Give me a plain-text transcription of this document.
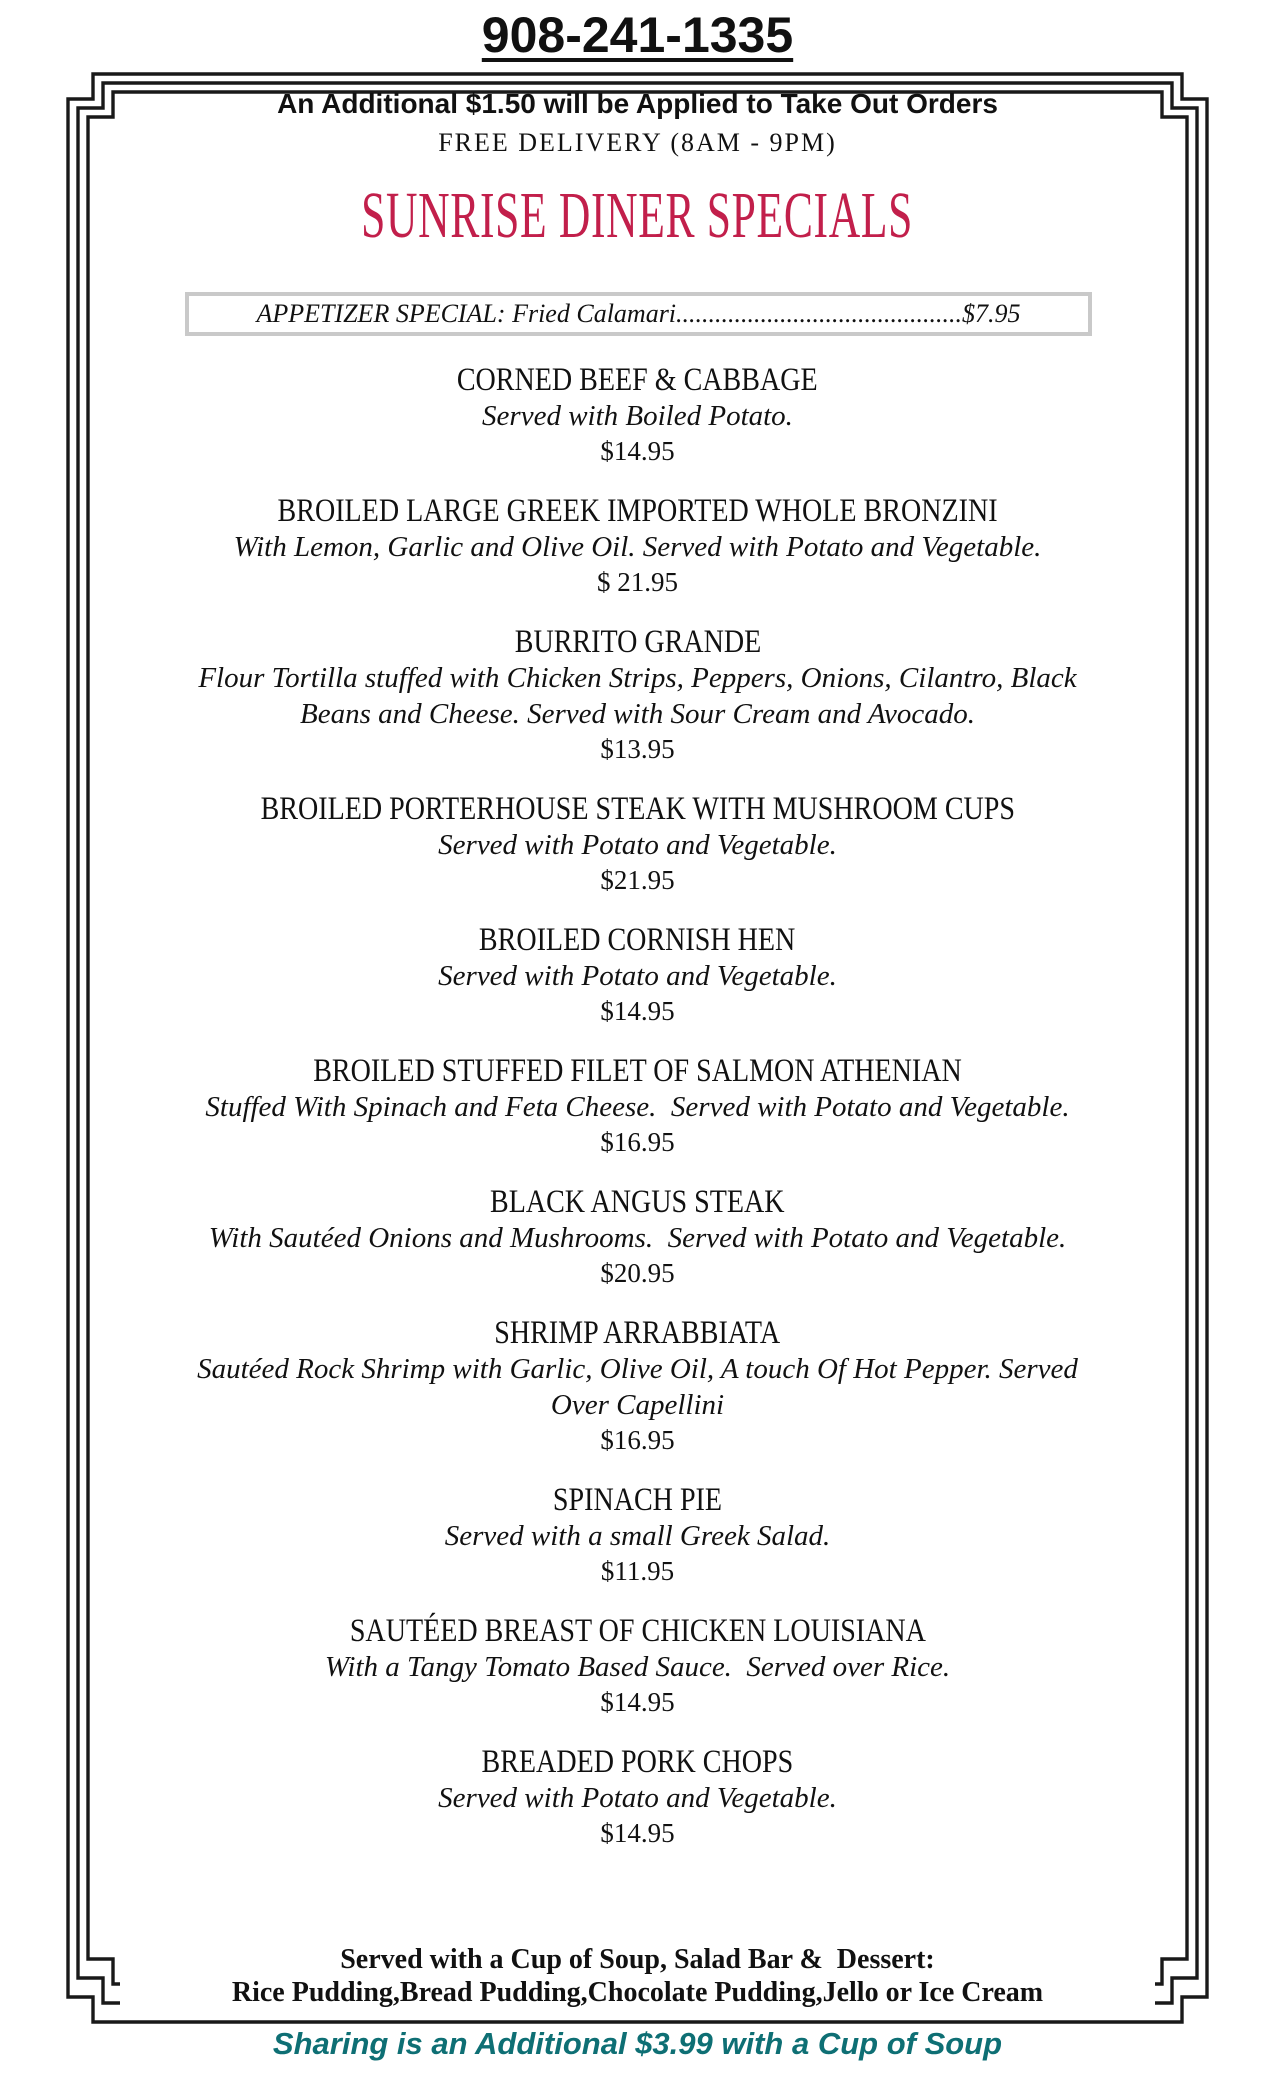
908-241-1335
An Additional $1.50 will be Applied to Take Out Orders
FREE DELIVERY (8AM - 9PM)
SUNRISE DINER SPECIALS
APPETIZER SPECIAL: Fried Calamari............................................$7.95
CORNED BEEF & CABBAGE
Served with Boiled Potato.
$14.95
BROILED LARGE GREEK IMPORTED WHOLE BRONZINI
With Lemon, Garlic and Olive Oil. Served with Potato and Vegetable.
$ 21.95
BURRITO GRANDE
Flour Tortilla stuffed with Chicken Strips, Peppers, Onions, Cilantro, Black Beans and Cheese. Served with Sour Cream and Avocado.
$13.95
BROILED PORTERHOUSE STEAK WITH MUSHROOM CUPS
Served with Potato and Vegetable.
$21.95
BROILED CORNISH HEN
Served with Potato and Vegetable.
$14.95
BROILED STUFFED FILET OF SALMON ATHENIAN
Stuffed With Spinach and Feta Cheese.  Served with Potato and Vegetable.
$16.95
BLACK ANGUS STEAK
With Sautéed Onions and Mushrooms.  Served with Potato and Vegetable.
$20.95
SHRIMP ARRABBIATA
Sautéed Rock Shrimp with Garlic, Olive Oil, A touch Of Hot Pepper. Served Over Capellini
$16.95
SPINACH PIE
Served with a small Greek Salad.
$11.95
SAUTÉED BREAST OF CHICKEN LOUISIANA
With a Tangy Tomato Based Sauce.  Served over Rice.
$14.95
BREADED PORK CHOPS
Served with Potato and Vegetable.
$14.95
Served with a Cup of Soup, Salad Bar &  Dessert:
Rice Pudding,Bread Pudding,Chocolate Pudding,Jello or Ice Cream
Sharing is an Additional $3.99 with a Cup of Soup
